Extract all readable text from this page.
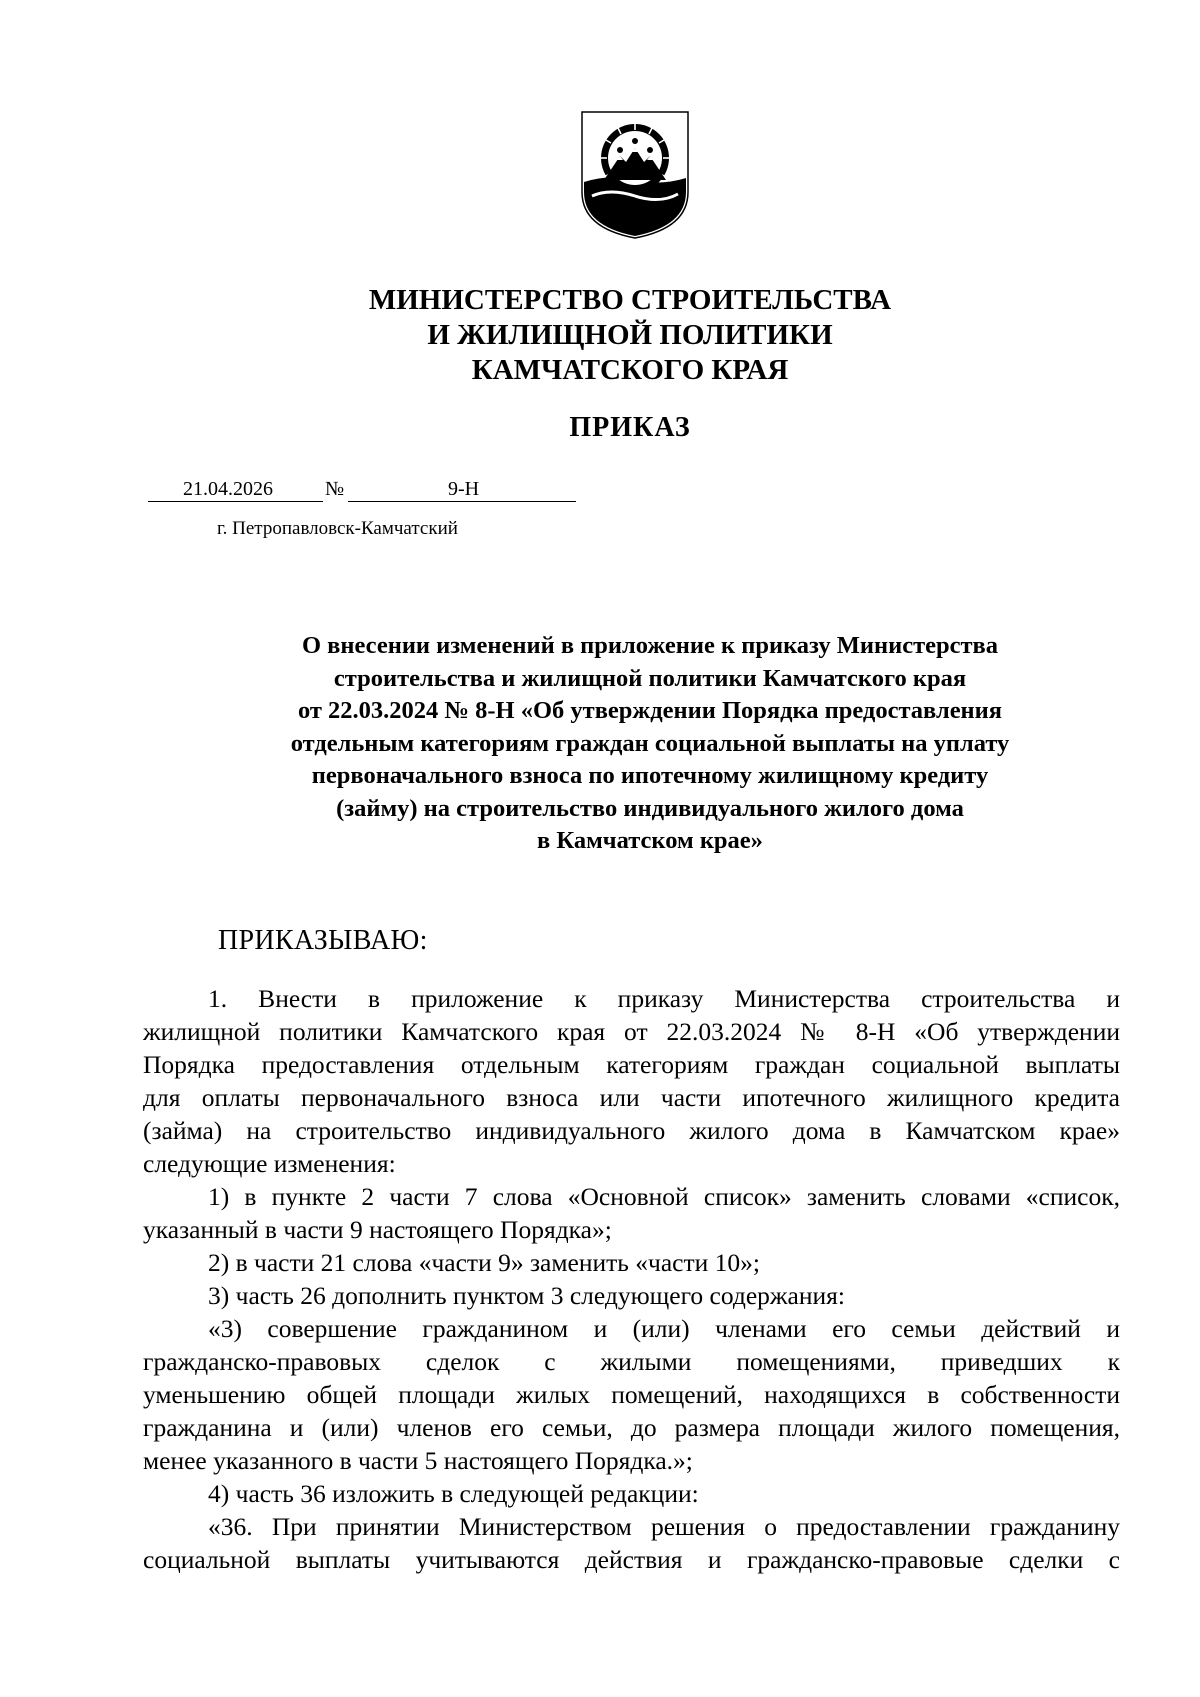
МИНИСТЕРСТВО СТРОИТЕЛЬСТВА
И ЖИЛИЩНОЙ ПОЛИТИКИ
КАМЧАТСКОГО КРАЯ
ПРИКАЗ
21.04.2026	№	9-Н
г. Петропавловск-Камчатский
О внесении изменений в приложение к приказу Министерства
строительства и жилищной политики Камчатского края
от 22.03.2024 № 8-Н «Об утверждении Порядка предоставления
отдельным категориям граждан социальной выплаты на уплату
первоначального взноса по ипотечному жилищному кредиту
(займу) на строительство индивидуального жилого дома
в Камчатском крае»
ПРИКАЗЫВАЮ:
1. Внести в приложение к приказу Министерства строительства и
жилищной политики Камчатского края от 22.03.2024 № 8-Н «Об утверждении
Порядка предоставления отдельным категориям граждан социальной выплаты
для оплаты первоначального взноса или части ипотечного жилищного кредита
(займа) на строительство индивидуального жилого дома в Камчатском крае»
следующие изменения:
1) в пункте 2 части 7 слова «Основной список» заменить словами «список,
указанный в части 9 настоящего Порядка»;
2) в части 21 слова «части 9» заменить «части 10»;
3) часть 26 дополнить пунктом 3 следующего содержания:
«3) совершение гражданином и (или) членами его семьи действий и
гражданско-правовых сделок с жилыми помещениями, приведших к
уменьшению общей площади жилых помещений, находящихся в собственности
гражданина и (или) членов его семьи, до размера площади жилого помещения,
менее указанного в части 5 настоящего Порядка.»;
4) часть 36 изложить в следующей редакции:
«36. При принятии Министерством решения о предоставлении гражданину
социальной выплаты учитываются действия и гражданско-правовые сделки с
